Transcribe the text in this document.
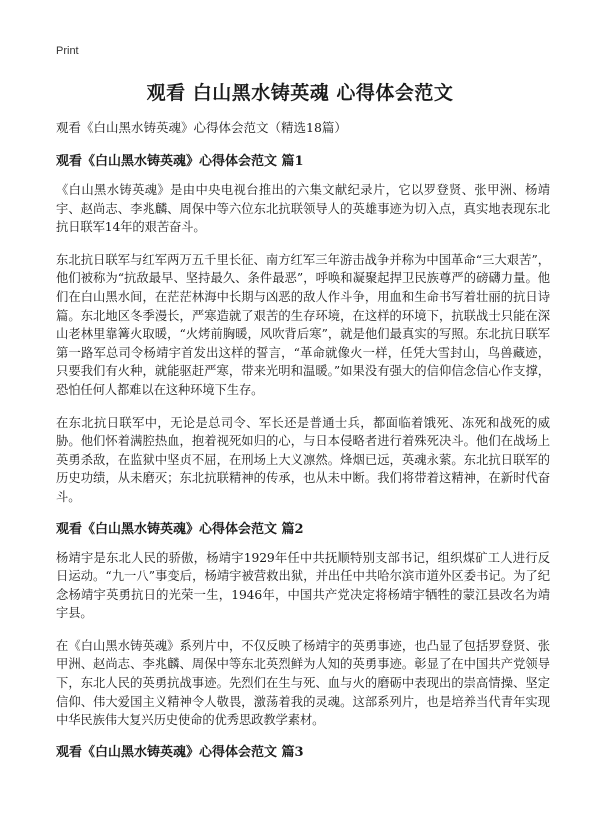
Print
观看 白山黑水铸英魂 心得体会范文

观看《白山黑水铸英魂》心得体会范文（精选18篇）

观看《白山黑水铸英魂》心得体会范文 篇1

《白山黑水铸英魂》是由中央电视台推出的六集文献纪录片，它以罗登贤、张甲洲、杨靖宇、赵尚志、李兆麟、周保中等六位东北抗联领导人的英雄事迹为切入点，真实地表现东北抗日联军14年的艰苦奋斗。

东北抗日联军与红军两万五千里长征、南方红军三年游击战争并称为中国革命“三大艰苦”，他们被称为“抗敌最早、坚持最久、条件最恶”，呼唤和凝聚起捍卫民族尊严的磅礴力量。他们在白山黑水间，在茫茫林海中长期与凶恶的敌人作斗争，用血和生命书写着壮丽的抗日诗篇。东北地区冬季漫长，严寒造就了艰苦的生存环境，在这样的环境下，抗联战士只能在深山老林里靠篝火取暖，“火烤前胸暖，风吹背后寒”，就是他们最真实的写照。东北抗日联军第一路军总司令杨靖宇首发出这样的誓言，“革命就像火一样，任凭大雪封山，鸟兽藏迹，只要我们有火种，就能驱赶严寒，带来光明和温暖。”如果没有强大的信仰信念信心作支撑，恐怕任何人都难以在这种环境下生存。

在东北抗日联军中，无论是总司令、军长还是普通士兵，都面临着饿死、冻死和战死的威胁。他们怀着满腔热血，抱着视死如归的心，与日本侵略者进行着殊死决斗。他们在战场上英勇杀敌，在监狱中坚贞不屈，在刑场上大义凛然。烽烟已远，英魂永萦。东北抗日联军的历史功绩，从未磨灭；东北抗联精神的传承，也从未中断。我们将带着这精神，在新时代奋斗。

观看《白山黑水铸英魂》心得体会范文 篇2

杨靖宇是东北人民的骄傲，杨靖宇1929年任中共抚顺特别支部书记，组织煤矿工人进行反日运动。“九一八”事变后，杨靖宇被营救出狱，并出任中共哈尔滨市道外区委书记。为了纪念杨靖宇英勇抗日的光荣一生，1946年，中国共产党决定将杨靖宇牺牲的蒙江县改名为靖宇县。

在《白山黑水铸英魂》系列片中，不仅反映了杨靖宇的英勇事迹，也凸显了包括罗登贤、张甲洲、赵尚志、李兆麟、周保中等东北英烈鲜为人知的英勇事迹。彰显了在中国共产党领导下，东北人民的英勇抗战事迹。先烈们在生与死、血与火的磨砺中表现出的崇高情操、坚定信仰、伟大爱国主义精神令人敬畏，激荡着我的灵魂。这部系列片，也是培养当代青年实现中华民族伟大复兴历史使命的优秀思政教学素材。

观看《白山黑水铸英魂》心得体会范文 篇3
